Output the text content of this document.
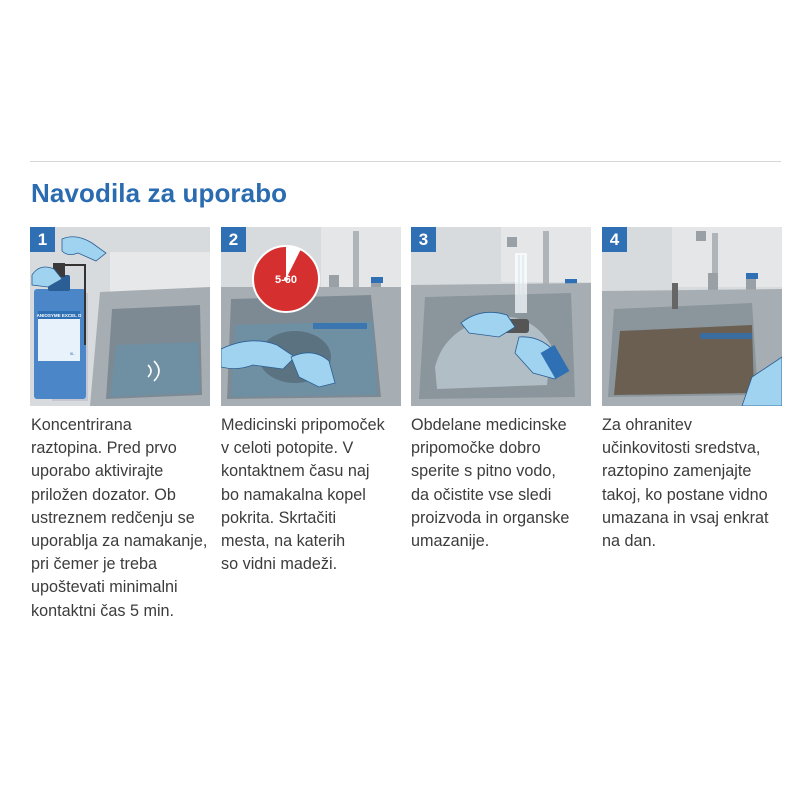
Navodila za uporabo
ANIOSYME EXCEL D
5L
1
5-60
2	3	4

Koncentrirana
raztopina. Pred prvo
uporabo aktivirajte
priložen dozator. Ob
ustreznem redčenju se
uporablja za namakanje,
pri čemer je treba
upoštevati minimalni
kontaktni čas 5 min.

Medicinski pripomoček
v celoti potopite. V
kontaktnem času naj
bo namakalna kopel
pokrita. Skrtačiti
mesta, na katerih
so vidni madeži.

Obdelane medicinske
pripomočke dobro
sperite s pitno vodo,
da očistite vse sledi
proizvoda in organske
umazanije.

Za ohranitev
učinkovitosti sredstva,
raztopino zamenjajte
takoj, ko postane vidno
umazana in vsaj enkrat
na dan.
